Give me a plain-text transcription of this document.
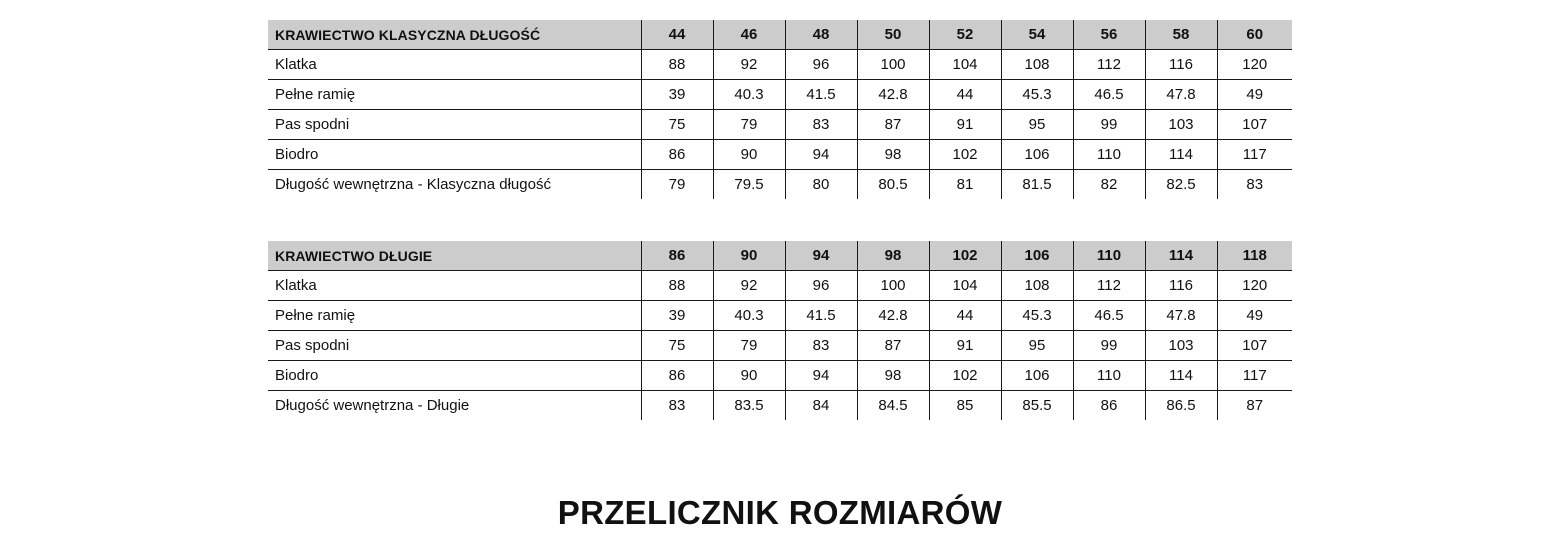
KRAWIECTWO KLASYCZNA DŁUGOŚĆ	44	46	48	50	52	54	56	58	60
Klatka	88	92	96	100	104	108	112	116	120
Pełne ramię	39	40.3	41.5	42.8	44	45.3	46.5	47.8	49
Pas spodni	75	79	83	87	91	95	99	103	107
Biodro	86	90	94	98	102	106	110	114	117
Długość wewnętrzna - Klasyczna długość	79	79.5	80	80.5	81	81.5	82	82.5	83
KRAWIECTWO DŁUGIE	86	90	94	98	102	106	110	114	118
Klatka	88	92	96	100	104	108	112	116	120
Pełne ramię	39	40.3	41.5	42.8	44	45.3	46.5	47.8	49
Pas spodni	75	79	83	87	91	95	99	103	107
Biodro	86	90	94	98	102	106	110	114	117
Długość wewnętrzna - Długie	83	83.5	84	84.5	85	85.5	86	86.5	87
PRZELICZNIK ROZMIARÓW
